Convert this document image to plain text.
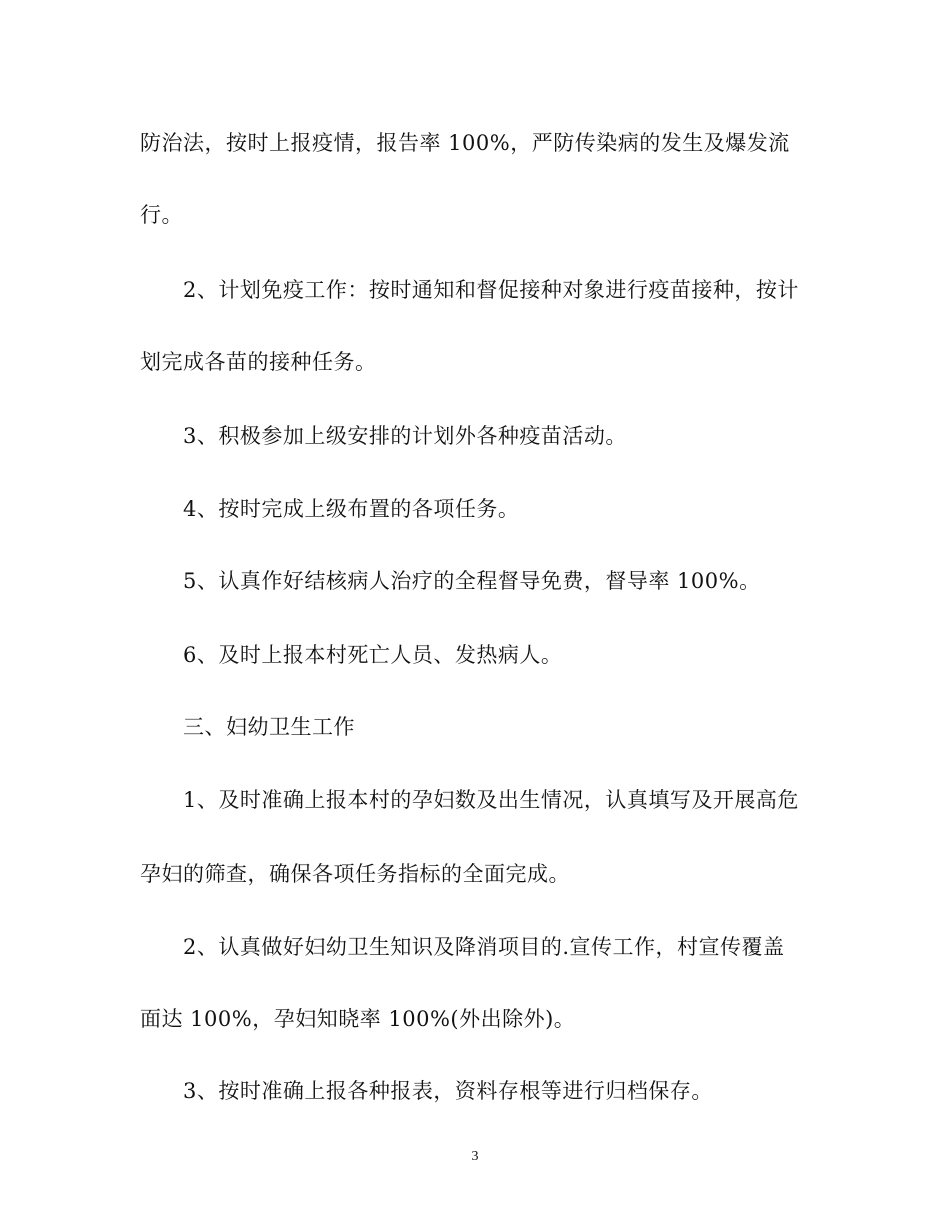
防治法，按时上报疫情，报告率 100%，严防传染病的发生及爆发流
行。
2、计划免疫工作：按时通知和督促接种对象进行疫苗接种，按计
划完成各苗的接种任务。
3、积极参加上级安排的计划外各种疫苗活动。
4、按时完成上级布置的各项任务。
5、认真作好结核病人治疗的全程督导免费，督导率 100%。
6、及时上报本村死亡人员、发热病人。
三、妇幼卫生工作
1、及时准确上报本村的孕妇数及出生情况，认真填写及开展高危
孕妇的筛查，确保各项任务指标的全面完成。
2、认真做好妇幼卫生知识及降消项目的.宣传工作，村宣传覆盖
面达 100%，孕妇知晓率 100%(外出除外)。
3、按时准确上报各种报表，资料存根等进行归档保存。
3
